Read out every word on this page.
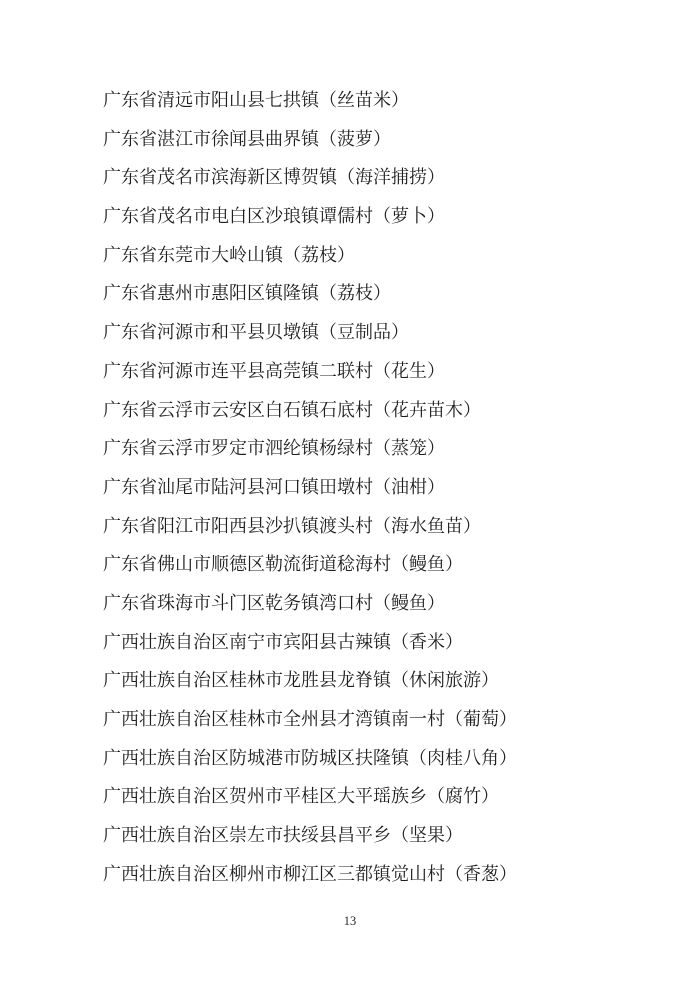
广东省清远市阳山县七拱镇（丝苗米）

广东省湛江市徐闻县曲界镇（菠萝）

广东省茂名市滨海新区博贺镇（海洋捕捞）

广东省茂名市电白区沙琅镇谭儒村（萝卜）

广东省东莞市大岭山镇（荔枝）

广东省惠州市惠阳区镇隆镇（荔枝）

广东省河源市和平县贝墩镇（豆制品）

广东省河源市连平县高莞镇二联村（花生）

广东省云浮市云安区白石镇石底村（花卉苗木）

广东省云浮市罗定市泗纶镇杨绿村（蒸笼）

广东省汕尾市陆河县河口镇田墩村（油柑）

广东省阳江市阳西县沙扒镇渡头村（海水鱼苗）

广东省佛山市顺德区勒流街道稔海村（鳗鱼）

广东省珠海市斗门区乾务镇湾口村（鳗鱼）

广西壮族自治区南宁市宾阳县古辣镇（香米）

广西壮族自治区桂林市龙胜县龙脊镇（休闲旅游）

广西壮族自治区桂林市全州县才湾镇南一村（葡萄）

广西壮族自治区防城港市防城区扶隆镇（肉桂八角）

广西壮族自治区贺州市平桂区大平瑶族乡（腐竹）

广西壮族自治区崇左市扶绥县昌平乡（坚果）

广西壮族自治区柳州市柳江区三都镇觉山村（香葱）

13
